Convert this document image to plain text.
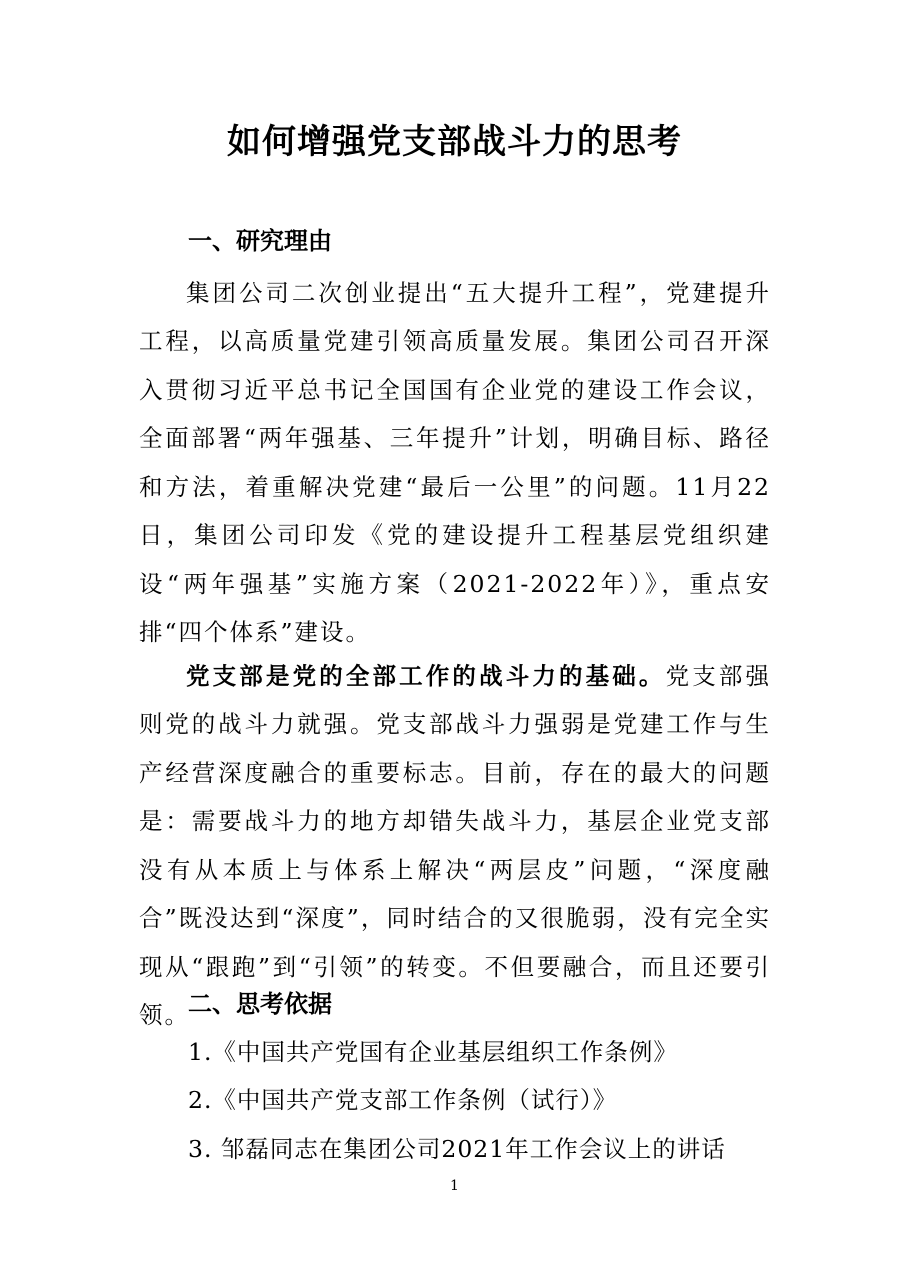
如何增强党支部战斗力的思考
一、研究理由

集团公司二次创业提出“五大提升工程”，党建提升工程，以高质量党建引领高质量发展。集团公司召开深入贯彻习近平总书记全国国有企业党的建设工作会议，全面部署“两年强基、三年提升”计划，明确目标、路径和方法，着重解决党建“最后一公里”的问题。11月22日，集团公司印发《党的建设提升工程基层党组织建设“两年强基”实施方案（2021-2022年）》，重点安排“四个体系”建设。

党支部是党的全部工作的战斗力的基础。党支部强则党的战斗力就强。党支部战斗力强弱是党建工作与生产经营深度融合的重要标志。目前，存在的最大的问题是：需要战斗力的地方却错失战斗力，基层企业党支部没有从本质上与体系上解决“两层皮”问题，“深度融合”既没达到“深度”，同时结合的又很脆弱，没有完全实现从“跟跑”到“引领”的转变。不但要融合，而且还要引领。

二、思考依据
1.《中国共产党国有企业基层组织工作条例》
2.《中国共产党支部工作条例（试行）》
3. 邹磊同志在集团公司2021年工作会议上的讲话
1
